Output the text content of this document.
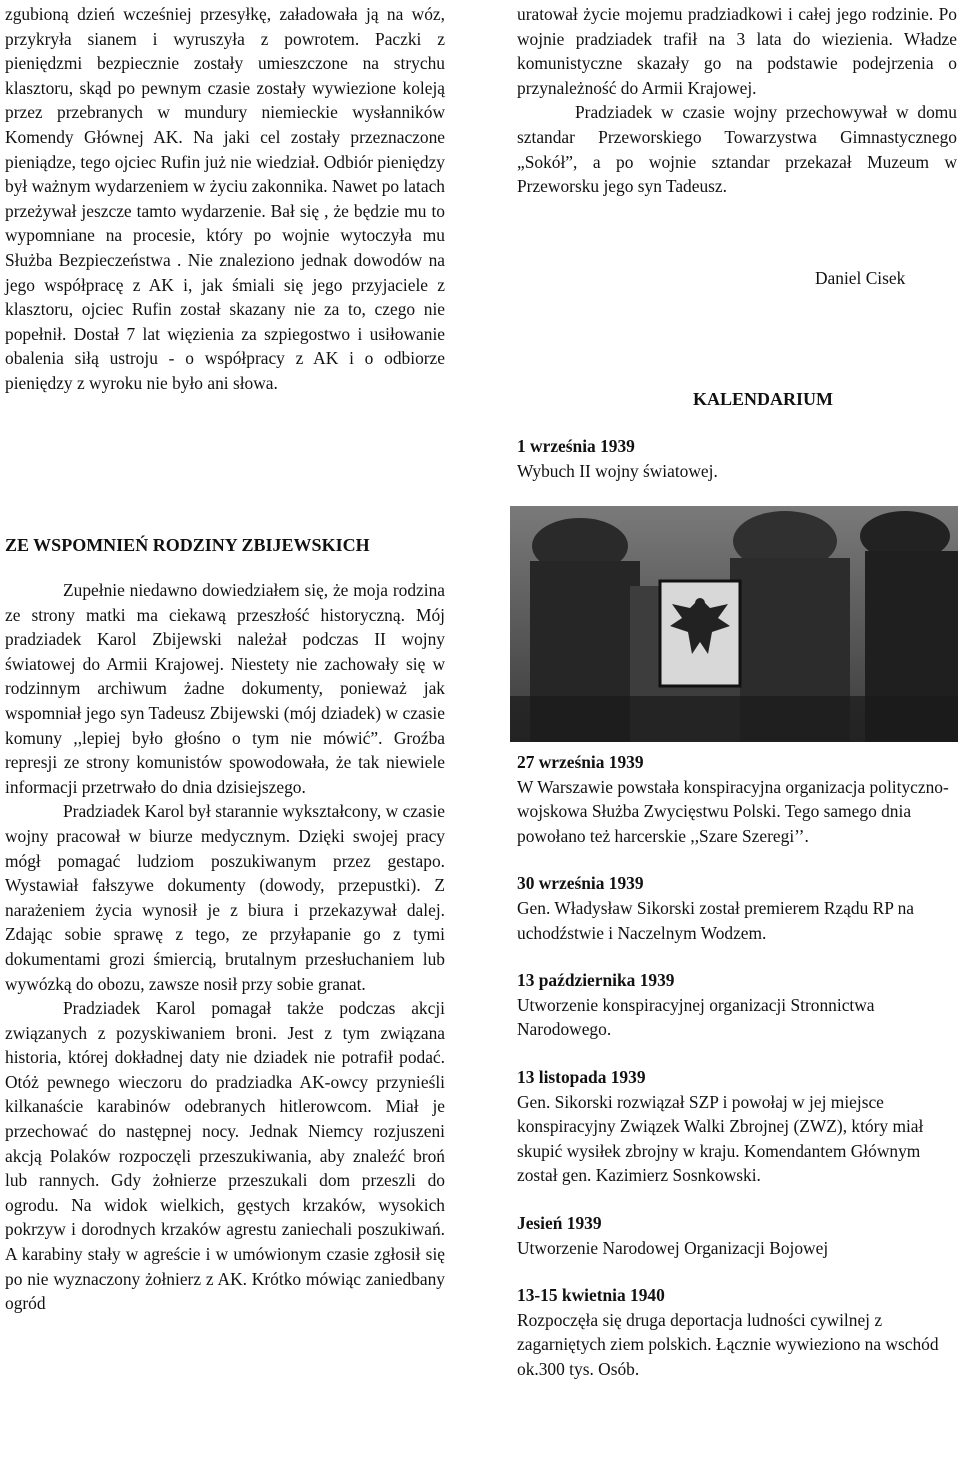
zgubioną dzień wcześniej przesyłkę, załadowała ją na wóz, przykryła sianem i wyruszyła z powrotem. Paczki z pieniędzmi bezpiecznie zostały umieszczone na strychu klasztoru, skąd po pewnym czasie zostały wywiezione koleją przez przebranych w mundury niemieckie wysłanników Komendy Głównej AK. Na jaki cel zostały przeznaczone pieniądze, tego ojciec Rufin już nie wiedział. Odbiór pieniędzy był ważnym wydarzeniem w życiu zakonnika. Nawet po latach przeżywał jeszcze tamto wydarzenie. Bał się , że będzie mu to wypomniane na procesie, który po wojnie wytoczyła mu Służba Bezpieczeństwa . Nie znaleziono jednak dowodów na jego współpracę z AK i, jak śmiali się jego przyjaciele z klasztoru, ojciec Rufin został skazany nie za to, czego nie popełnił. Dostał 7 lat więzienia za szpiegostwo i usiłowanie obalenia siłą ustroju - o współpracy z AK i o odbiorze pieniędzy z wyroku nie było ani słowa.

uratował życie mojemu pradziadkowi i całej jego rodzinie. Po wojnie pradziadek trafił na 3 lata do wiezienia. Władze komunistyczne skazały go na podstawie podejrzenia o przynależność do Armii Krajowej.

Pradziadek w czasie wojny przechowywał w domu sztandar Przeworskiego Towarzystwa Gimnastycznego „Sokół”, a po wojnie sztandar przekazał Muzeum w Przeworsku jego syn Tadeusz.

Daniel Cisek

KALENDARIUM

1 września 1939

Wybuch II wojny światowej.

ZE WSPOMNIEŃ RODZINY ZBIJEWSKICH

Zupełnie niedawno dowiedziałem się, że moja rodzina ze strony matki ma ciekawą przeszłość historyczną. Mój pradziadek Karol Zbijewski należał podczas II wojny światowej do Armii Krajowej. Niestety nie zachowały się w rodzinnym archiwum żadne dokumenty, ponieważ jak wspomniał jego syn Tadeusz Zbijewski (mój dziadek) w czasie komuny ,,lepiej było głośno o tym nie mówić”. Groźba represji ze strony komunistów spowodowała, że tak niewiele informacji przetrwało do dnia dzisiejszego.

Pradziadek Karol był starannie wykształcony, w czasie wojny pracował w biurze medycznym. Dzięki swojej pracy mógł pomagać ludziom poszukiwanym przez gestapo. Wystawiał fałszywe dokumenty (dowody, przepustki). Z narażeniem życia wynosił je z biura i przekazywał dalej. Zdając sobie sprawę z tego, ze przyłapanie go z tymi dokumentami grozi śmiercią, brutalnym przesłuchaniem lub wywózką do obozu, zawsze nosił przy sobie granat.

Pradziadek Karol pomagał także podczas akcji związanych z pozyskiwaniem broni. Jest z tym związana historia, której dokładnej daty nie dziadek nie potrafił podać. Otóż pewnego wieczoru do pradziadka AK-owcy przynieśli kilkanaście karabinów odebranych hitlerowcom. Miał je przechować do następnej nocy. Jednak Niemcy rozjuszeni akcją Polaków rozpoczęli przeszukiwania, aby znaleźć broń lub rannych. Gdy żołnierze przeszukali dom przeszli do ogrodu. Na widok wielkich, gęstych krzaków, wysokich pokrzyw i dorodnych krzaków agrestu zaniechali poszukiwań. A karabiny stały w agreście i w umówionym czasie zgłosił się po nie wyznaczony żołnierz z AK. Krótko mówiąc zaniedbany ogród

27 września 1939

W Warszawie powstała konspiracyjna organizacja polityczno-wojskowa Służba Zwycięstwu Polski. Tego samego dnia powołano też harcerskie ,,Szare Szeregi’’.

30 września 1939

Gen. Władysław Sikorski został premierem Rządu RP na uchodźstwie i Naczelnym Wodzem.

13 października 1939

Utworzenie konspiracyjnej organizacji Stronnictwa Narodowego.

13 listopada 1939

Gen. Sikorski rozwiązał SZP i powołaj w jej miejsce konspiracyjny Związek Walki Zbrojnej (ZWZ), który miał skupić wysiłek zbrojny w kraju. Komendantem Głównym został gen. Kazimierz Sosnkowski.

Jesień 1939

Utworzenie Narodowej Organizacji Bojowej

13-15 kwietnia 1940

Rozpoczęła się druga deportacja ludności cywilnej z zagarniętych ziem polskich. Łącznie wywieziono na wschód ok.300 tys. Osób.
